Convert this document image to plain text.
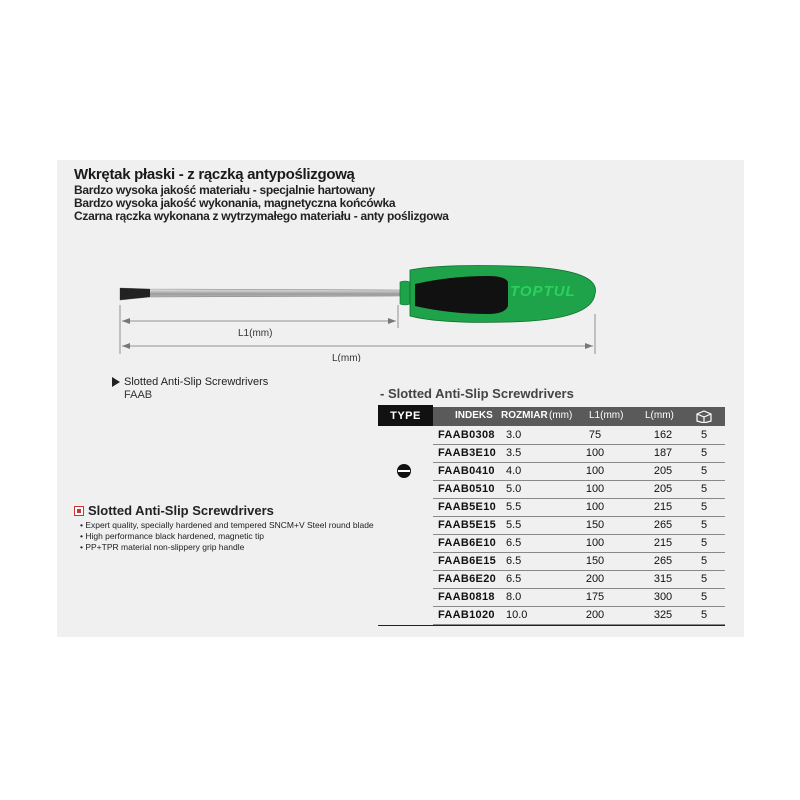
Wkrętak płaski - z rączką antypoślizgową
Bardzo wysoka jakość materiału - specjalnie hartowany
Bardzo wysoka jakość wykonania, magnetyczna końcówka
Czarna rączka wykonana z wytrzymałego materiału - anty poślizgowa
TOPTUL
L1(mm)
L(mm)
Slotted Anti-Slip Screwdrivers
FAAB	- Slotted Anti-Slip Screwdrivers
TYPE	INDEKS ROZMIAR (mm) L1(mm) L(mm)
FAAB0308 3.0	75	162	5
FAAB3E10 3.5	100	187	5
FAAB0410 4.0	100	205	5
FAAB0510 5.0	100	205	5
FAAB5E10 5.5	100	215	5
FAAB5E15 5.5	150	265	5
FAAB6E10 6.5	100	215	5
FAAB6E15 6.5	150	265	5
FAAB6E20 6.5	200	315	5
FAAB0818 8.0	175	300	5
FAAB1020 10.0	200	325	5
Slotted Anti-Slip Screwdrivers
• Expert quality, specially hardened and tempered SNCM+V Steel round blade
• High performance black hardened, magnetic tip
• PP+TPR material non-slippery grip handle
